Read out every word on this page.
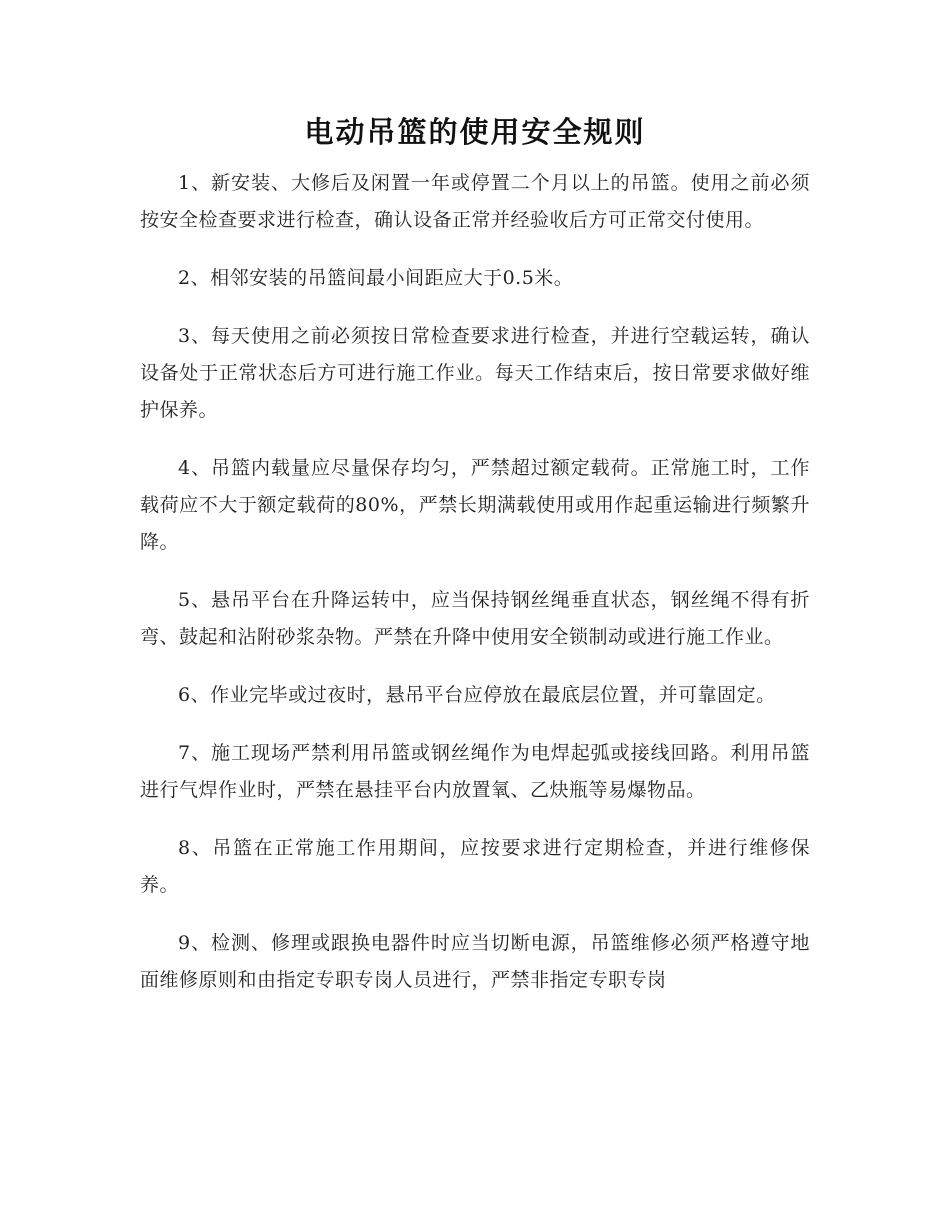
电动吊篮的使用安全规则

1、新安装、大修后及闲置一年或停置二个月以上的吊篮。使用之前必须按安全检查要求进行检查，确认设备正常并经验收后方可正常交付使用。

2、相邻安装的吊篮间最小间距应大于0.5米。

3、每天使用之前必须按日常检查要求进行检查，并进行空载运转，确认设备处于正常状态后方可进行施工作业。每天工作结束后，按日常要求做好维护保养。

4、吊篮内载量应尽量保存均匀，严禁超过额定载荷。正常施工时，工作载荷应不大于额定载荷的80%，严禁长期满载使用或用作起重运输进行频繁升降。

5、悬吊平台在升降运转中，应当保持钢丝绳垂直状态，钢丝绳不得有折弯、鼓起和沾附砂浆杂物。严禁在升降中使用安全锁制动或进行施工作业。

6、作业完毕或过夜时，悬吊平台应停放在最底层位置，并可靠固定。

7、施工现场严禁利用吊篮或钢丝绳作为电焊起弧或接线回路。利用吊篮进行气焊作业时，严禁在悬挂平台内放置氧、乙炔瓶等易爆物品。

8、吊篮在正常施工作用期间，应按要求进行定期检查，并进行维修保养。

9、检测、修理或跟换电器件时应当切断电源，吊篮维修必须严格遵守地面维修原则和由指定专职专岗人员进行，严禁非指定专职专岗
